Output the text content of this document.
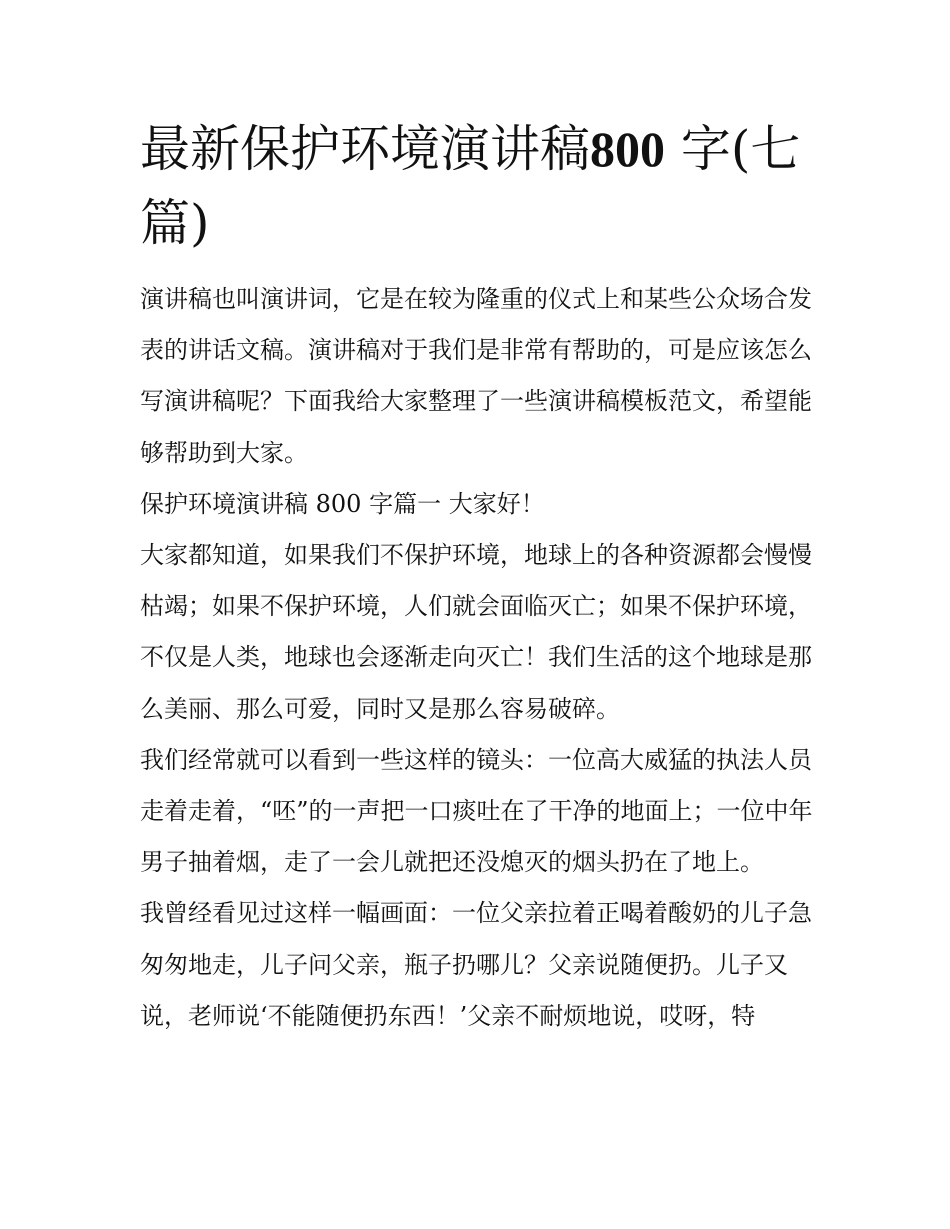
最新保护环境演讲稿800 字(七篇)

演讲稿也叫演讲词，它是在较为隆重的仪式上和某些公众场合发表的讲话文稿。演讲稿对于我们是非常有帮助的，可是应该怎么写演讲稿呢？下面我给大家整理了一些演讲稿模板范文，希望能够帮助到大家。

保护环境演讲稿 800 字篇一 大家好！

大家都知道，如果我们不保护环境，地球上的各种资源都会慢慢枯竭；如果不保护环境，人们就会面临灭亡；如果不保护环境，不仅是人类，地球也会逐渐走向灭亡！我们生活的这个地球是那么美丽、那么可爱，同时又是那么容易破碎。

我们经常就可以看到一些这样的镜头：一位高大威猛的执法人员走着走着，“呸”的一声把一口痰吐在了干净的地面上；一位中年男子抽着烟，走了一会儿就把还没熄灭的烟头扔在了地上。

我曾经看见过这样一幅画面：一位父亲拉着正喝着酸奶的儿子急匆匆地走，儿子问父亲，瓶子扔哪儿？父亲说随便扔。儿子又说，老师说‘不能随便扔东西！’父亲不耐烦地说，哎呀，特
